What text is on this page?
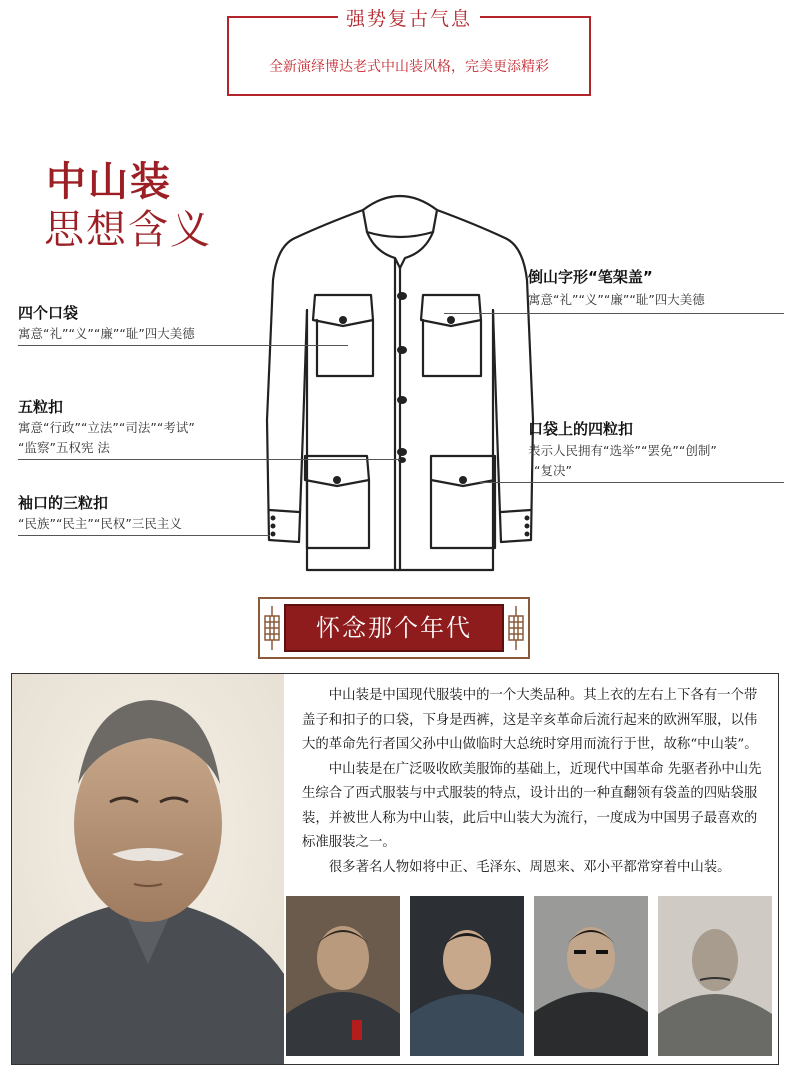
强势复古气息
全新演绎博达老式中山装风格，完美更添精彩
中山装
思想含义
四个口袋
寓意“礼”“义”“廉”“耻”四大美德
五粒扣
寓意“行政”“立法”“司法”“考试”
“监察”五权宪 法
袖口的三粒扣
“民族”“民主”“民权”三民主义
倒山字形“笔架盖”
寓意“礼”“义”“廉”“耻”四大美德
口袋上的四粒扣
表示人民拥有“选举”“罢免”“创制”
“复决”
怀念那个年代

中山装是中国现代服装中的一个大类品种。其上衣的左右上下各有一个带盖子和扣子的口袋，下身是西裤，这是辛亥革命后流行起来的欧洲军服，以伟大的革命先行者国父孙中山做临时大总统时穿用而流行于世，故称“中山装”。

中山装是在广泛吸收欧美服饰的基础上，近现代中国革命 先驱者孙中山先生综合了西式服装与中式服装的特点，设计出的一种直翻领有袋盖的四贴袋服装，并被世人称为中山装，此后中山装大为流行，一度成为中国男子最喜欢的标准服装之一。

很多著名人物如将中正、毛泽东、周恩来、邓小平都常穿着中山装。
